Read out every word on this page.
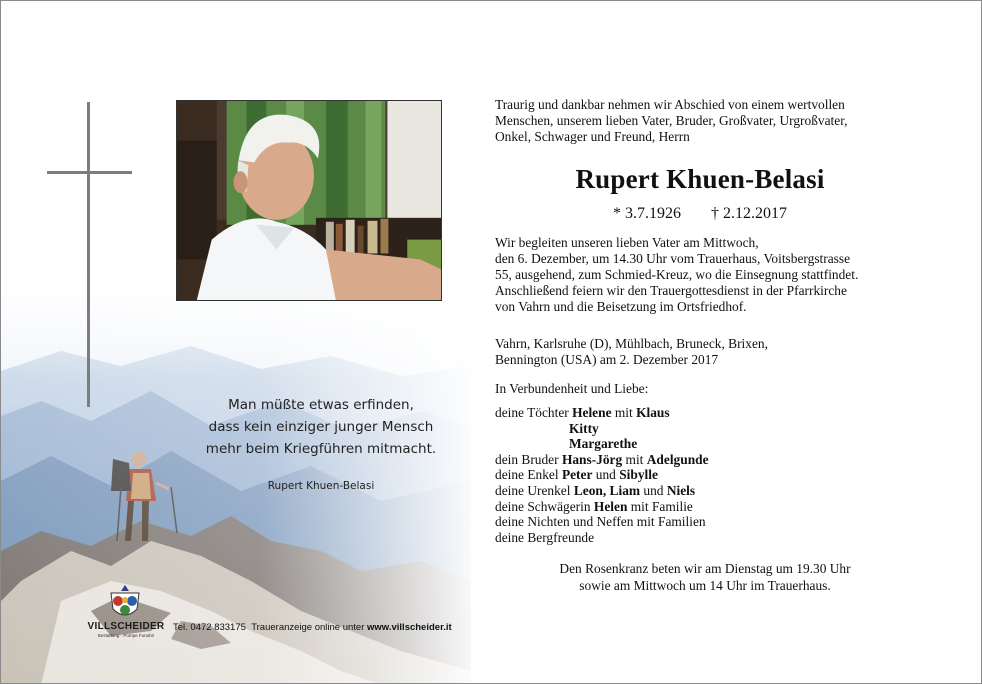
Man müßte etwas erfinden,
dass kein einziger junger Mensch
mehr beim Kriegführen mitmacht.
Rupert Khuen-Belasi
VILLSCHEIDER
Bestattung · Pompe Funebri
Tel. 0472 833175 Traueranzeige online unter www.villscheider.it
Traurig und dankbar nehmen wir Abschied von einem wertvollen
Menschen, unserem lieben Vater, Bruder, Großvater, Urgroßvater,
Onkel, Schwager und Freund, Herrn
Rupert Khuen-Belasi
* 3.7.1926 † 2.12.2017
Wir begleiten unseren lieben Vater am Mittwoch,
den 6. Dezember, um 14.30 Uhr vom Trauerhaus, Voitsbergstrasse
55, ausgehend, zum Schmied-Kreuz, wo die Einsegnung stattfindet.
Anschließend feiern wir den Trauergottesdienst in der Pfarrkirche
von Vahrn und die Beisetzung im Ortsfriedhof.
Vahrn, Karlsruhe (D), Mühlbach, Bruneck, Brixen,
Bennington (USA) am 2. Dezember 2017
In Verbundenheit und Liebe:
deine Töchter Helene mit Klaus
Kitty
Margarethe
dein Bruder Hans-Jörg mit Adelgunde
deine Enkel Peter und Sibylle
deine Urenkel Leon, Liam und Niels
deine Schwägerin Helen mit Familie
deine Nichten und Neffen mit Familien
deine Bergfreunde
Den Rosenkranz beten wir am Dienstag um 19.30 Uhr
sowie am Mittwoch um 14 Uhr im Trauerhaus.
